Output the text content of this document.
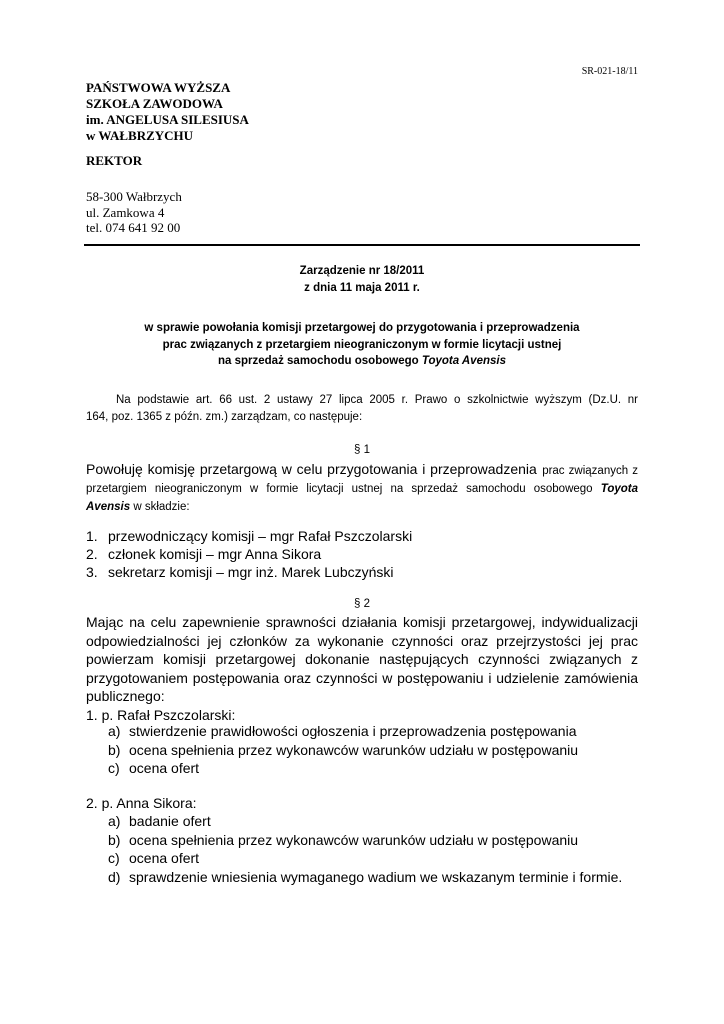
SR-021-18/11
PAŃSTWOWA WYŻSZA
SZKOŁA ZAWODOWA
im. ANGELUSA SILESIUSA
w WAŁBRZYCHU
REKTOR
58-300 Wałbrzych
ul. Zamkowa 4
tel. 074 641 92 00
Zarządzenie nr 18/2011
z dnia 11 maja 2011 r.
w sprawie powołania komisji przetargowej do przygotowania i przeprowadzenia
prac związanych z przetargiem nieograniczonym w formie licytacji ustnej
na sprzedaż samochodu osobowego Toyota Avensis
Na podstawie art. 66 ust. 2 ustawy 27 lipca 2005 r. Prawo o szkolnictwie wyższym (Dz.U. nr
164, poz. 1365 z późn. zm.) zarządzam, co następuje:
§ 1
Powołuję komisję przetargową w celu przygotowania i przeprowadzenia prac związanych z
przetargiem nieograniczonym w formie licytacji ustnej na sprzedaż samochodu osobowego Toyota
Avensis w składzie:
1. przewodniczący komisji – mgr Rafał Pszczolarski
2. członek komisji – mgr Anna Sikora
3. sekretarz komisji – mgr inż. Marek Lubczyński
§ 2
Mając na celu zapewnienie sprawności działania komisji przetargowej, indywidualizacji
odpowiedzialności jej członków za wykonanie czynności oraz przejrzystości jej prac
powierzam komisji przetargowej dokonanie następujących czynności związanych z
przygotowaniem postępowania oraz czynności w postępowaniu i udzielenie zamówienia
publicznego:
1. p. Rafał Pszczolarski:
a) stwierdzenie prawidłowości ogłoszenia i przeprowadzenia postępowania
b) ocena spełnienia przez wykonawców warunków udziału w postępowaniu
c) ocena ofert
2. p. Anna Sikora:
a) badanie ofert
b) ocena spełnienia przez wykonawców warunków udziału w postępowaniu
c) ocena ofert
d) sprawdzenie wniesienia wymaganego wadium we wskazanym terminie i formie.
